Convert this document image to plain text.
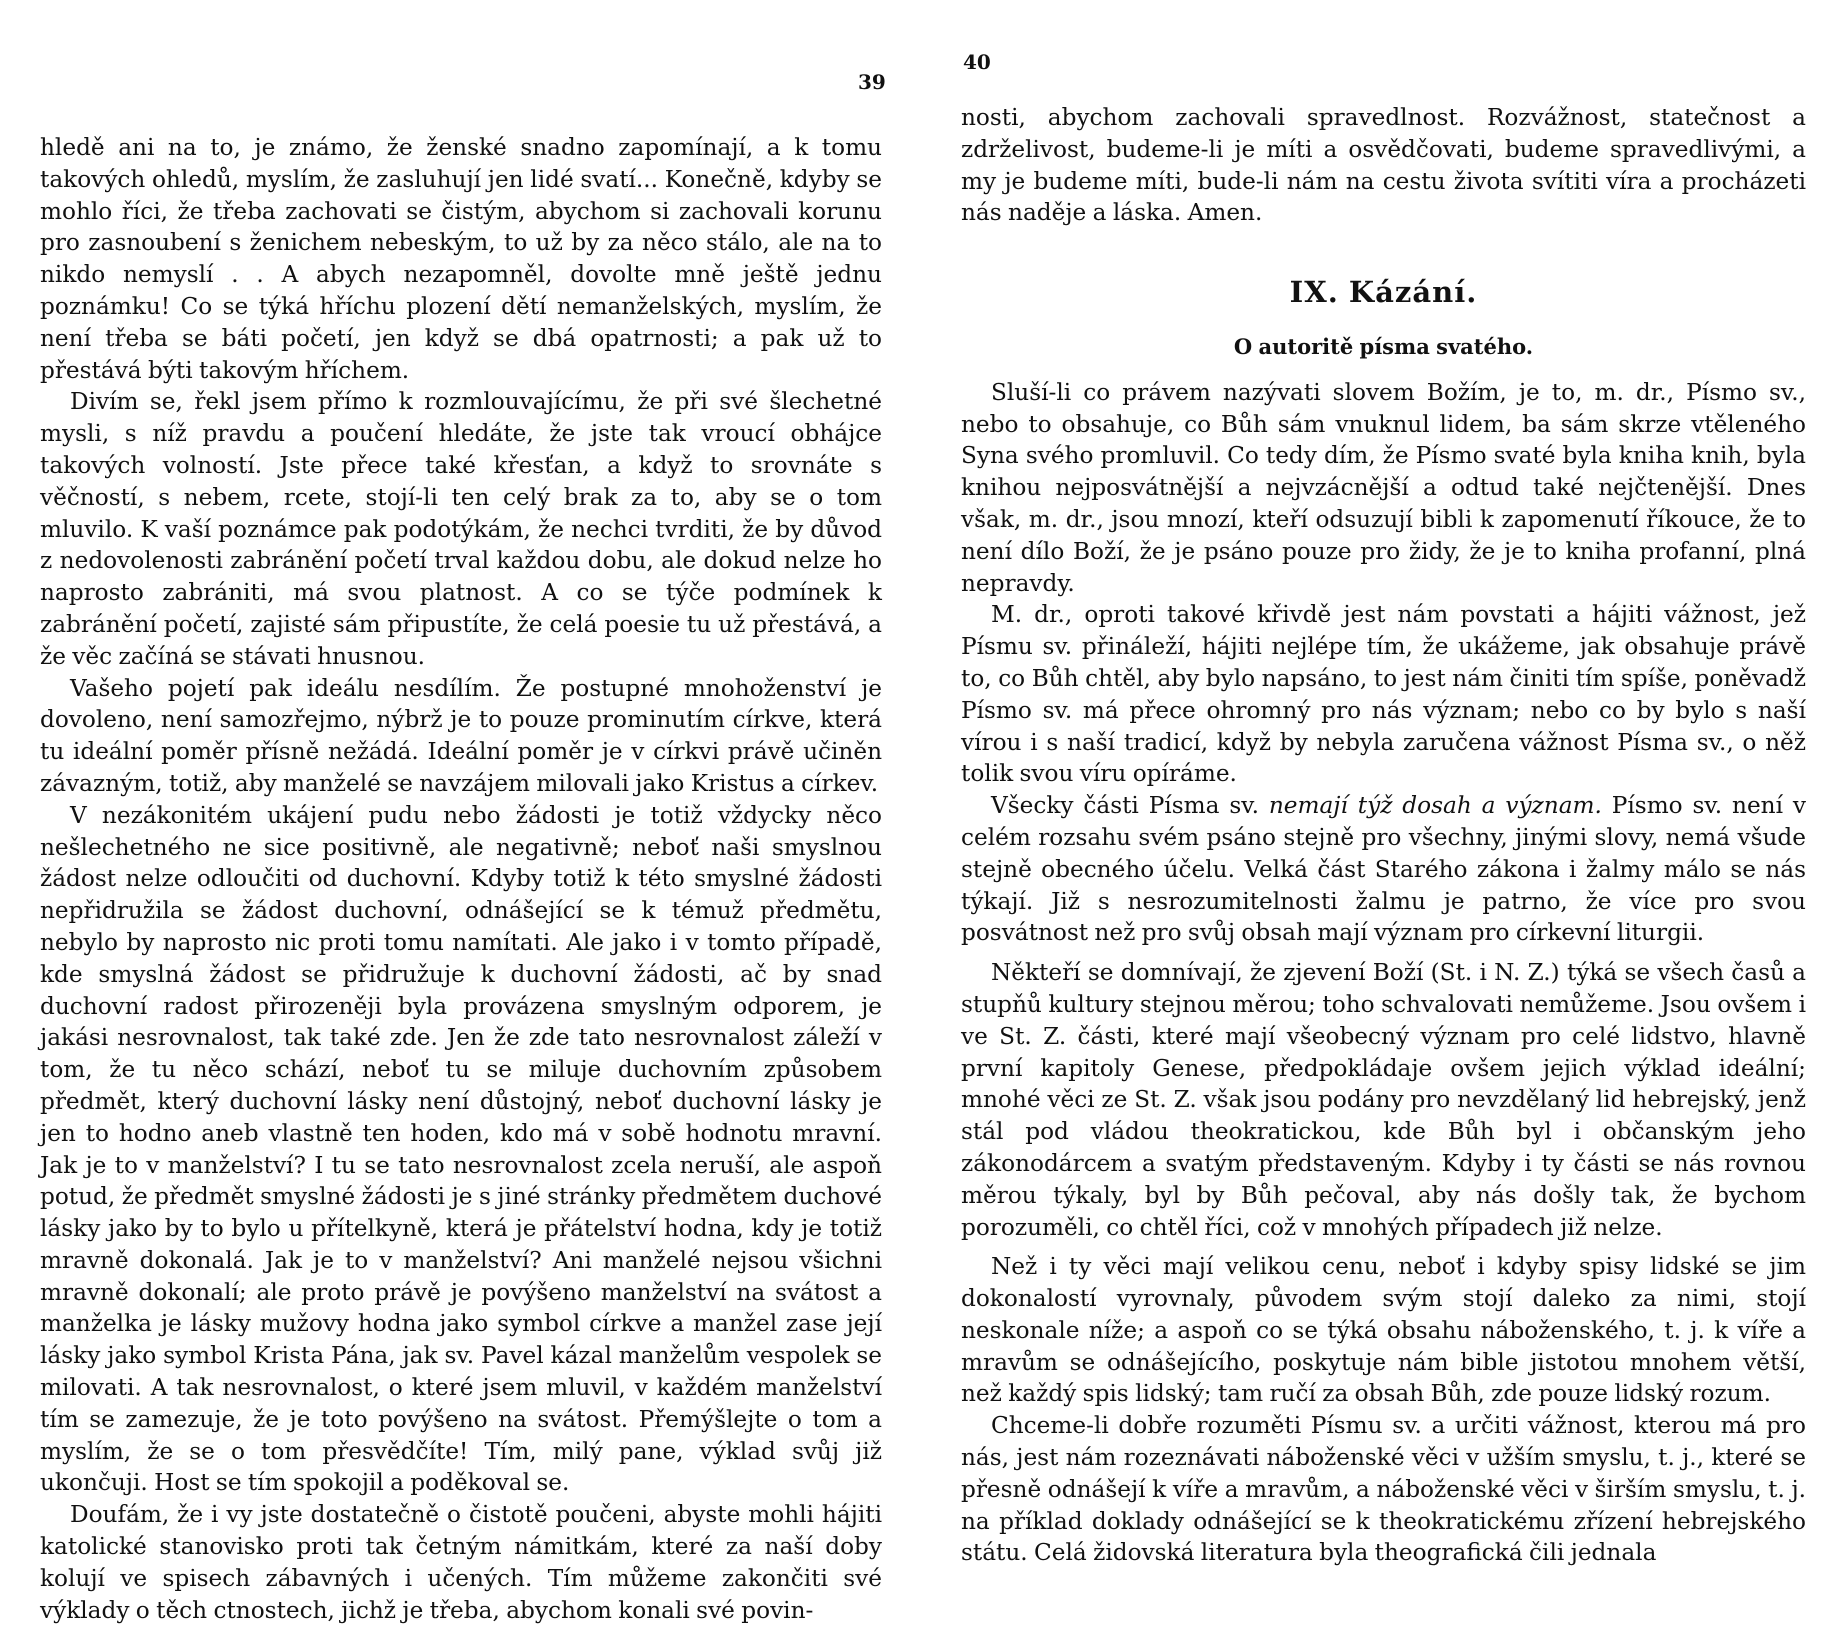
39

hledě ani na to, je známo, že ženské snadno zapomínají, a k tomu takových ohledů, myslím, že zasluhují jen lidé svatí... Konečně, kdyby se mohlo říci, že třeba zachovati se čistým, abychom si zachovali korunu pro zasnoubení s ženichem nebeským, to už by za něco stálo, ale na to nikdo nemyslí . . A abych nezapomněl, dovolte mně ještě jednu poznámku! Co se týká hříchu plození dětí nemanželských, myslím, že není třeba se báti početí, jen když se dbá opatrnosti; a pak už to přestává býti takovým hříchem.

Divím se, řekl jsem přímo k rozmlouvajícímu, že při své šlechetné mysli, s níž pravdu a poučení hledáte, že jste tak vroucí obhájce takových volností. Jste přece také křesťan, a když to srovnáte s věčností, s nebem, rcete, stojí-li ten celý brak za to, aby se o tom mluvilo. K vaší poznámce pak podotýkám, že nechci tvrditi, že by důvod z nedovolenosti zabránění početí trval každou dobu, ale dokud nelze ho naprosto zabrániti, má svou platnost. A co se týče podmínek k zabránění početí, zajisté sám připustíte, že celá poesie tu už přestává, a že věc začíná se stávati hnusnou.

Vašeho pojetí pak ideálu nesdílím. Že postupné mnohoženství je dovoleno, není samozřejmo, nýbrž je to pouze prominutím církve, která tu ideální poměr přísně nežádá. Ideální poměr je v církvi právě učiněn závazným, totiž, aby manželé se navzájem milovali jako Kristus a církev.

V nezákonitém ukájení pudu nebo žádosti je totiž vždycky něco nešlechetného ne sice positivně, ale negativně; neboť naši smyslnou žádost nelze odloučiti od duchovní. Kdyby totiž k této smyslné žádosti nepřidružila se žádost duchovní, odnášející se k témuž předmětu, nebylo by naprosto nic proti tomu namítati. Ale jako i v tomto případě, kde smyslná žádost se přidružuje k duchovní žádosti, ač by snad duchovní radost přirozeněji byla provázena smyslným odporem, je jakási nesrovnalost, tak také zde. Jen že zde tato nesrovnalost záleží v tom, že tu něco schází, neboť tu se miluje duchovním způsobem předmět, který duchovní lásky není důstojný, neboť duchovní lásky je jen to hodno aneb vlastně ten hoden, kdo má v sobě hodnotu mravní. Jak je to v manželství? I tu se tato nesrovnalost zcela neruší, ale aspoň potud, že předmět smyslné žádosti je s jiné stránky předmětem duchové lásky jako by to bylo u přítelkyně, která je přátelství hodna, kdy je totiž mravně dokonalá. Jak je to v manželství? Ani manželé nejsou všichni mravně dokonalí; ale proto právě je povýšeno manželství na svátost a manželka je lásky mužovy hodna jako symbol církve a manžel zase její lásky jako symbol Krista Pána, jak sv. Pavel kázal manželům vespolek se milovati. A tak nesrovnalost, o které jsem mluvil, v každém manželství tím se zamezuje, že je toto povýšeno na svátost. Přemýšlejte o tom a myslím, že se o tom přesvědčíte! Tím, milý pane, výklad svůj již ukončuji. Host se tím spokojil a poděkoval se.

Doufám, že i vy jste dostatečně o čistotě poučeni, abyste mohli hájiti katolické stanovisko proti tak četným námitkám, které za naší doby kolují ve spisech zábavných i učených. Tím můžeme zakončiti své výklady o těch ctnostech, jichž je třeba, abychom konali své povin-

40

nosti, abychom zachovali spravedlnost. Rozvážnost, statečnost a zdrželivost, budeme-li je míti a osvědčovati, budeme spravedlivými, a my je budeme míti, bude-li nám na cestu života svítiti víra a procházeti nás naděje a láska. Amen.

IX. Kázání.
O autoritě písma svatého.

Sluší-li co právem nazývati slovem Božím, je to, m. dr., Písmo sv., nebo to obsahuje, co Bůh sám vnuknul lidem, ba sám skrze vtěleného Syna svého promluvil. Co tedy dím, že Písmo svaté byla kniha knih, byla knihou nejposvátnější a nejvzácnější a odtud také nejčtenější. Dnes však, m. dr., jsou mnozí, kteří odsuzují bibli k zapomenutí říkouce, že to není dílo Boží, že je psáno pouze pro židy, že je to kniha profanní, plná nepravdy.

M. dr., oproti takové křivdě jest nám povstati a hájiti vážnost, jež Písmu sv. přináleží, hájiti nejlépe tím, že ukážeme, jak obsahuje právě to, co Bůh chtěl, aby bylo napsáno, to jest nám činiti tím spíše, poněvadž Písmo sv. má přece ohromný pro nás význam; nebo co by bylo s naší vírou i s naší tradicí, když by nebyla zaručena vážnost Písma sv., o něž tolik svou víru opíráme.

Všecky části Písma sv. nemají týž dosah a význam. Písmo sv. není v celém rozsahu svém psáno stejně pro všechny, jinými slovy, nemá všude stejně obecného účelu. Velká část Starého zákona i žalmy málo se nás týkají. Již s nesrozumitelnosti žalmu je patrno, že více pro svou posvátnost než pro svůj obsah mají význam pro církevní liturgii.

Někteří se domnívají, že zjevení Boží (St. i N. Z.) týká se všech časů a stupňů kultury stejnou měrou; toho schvalovati nemůžeme. Jsou ovšem i ve St. Z. části, které mají všeobecný význam pro celé lidstvo, hlavně první kapitoly Genese, předpokládaje ovšem jejich výklad ideální; mnohé věci ze St. Z. však jsou podány pro nevzdělaný lid hebrejský, jenž stál pod vládou theokratickou, kde Bůh byl i občanským jeho zákonodárcem a svatým představeným. Kdyby i ty části se nás rovnou měrou týkaly, byl by Bůh pečoval, aby nás došly tak, že bychom porozuměli, co chtěl říci, což v mnohých případech již nelze.

Než i ty věci mají velikou cenu, neboť i kdyby spisy lidské se jim dokonalostí vyrovnaly, původem svým stojí daleko za nimi, stojí neskonale níže; a aspoň co se týká obsahu náboženského, t. j. k víře a mravům se odnášejícího, poskytuje nám bible jistotou mnohem větší, než každý spis lidský; tam ručí za obsah Bůh, zde pouze lidský rozum.

Chceme-li dobře rozuměti Písmu sv. a určiti vážnost, kterou má pro nás, jest nám rozeznávati náboženské věci v užším smyslu, t. j., které se přesně odnášejí k víře a mravům, a náboženské věci v širším smyslu, t. j. na příklad doklady odnášející se k theokratickému zřízení hebrejského státu. Celá židovská literatura byla theografická čili jednala
